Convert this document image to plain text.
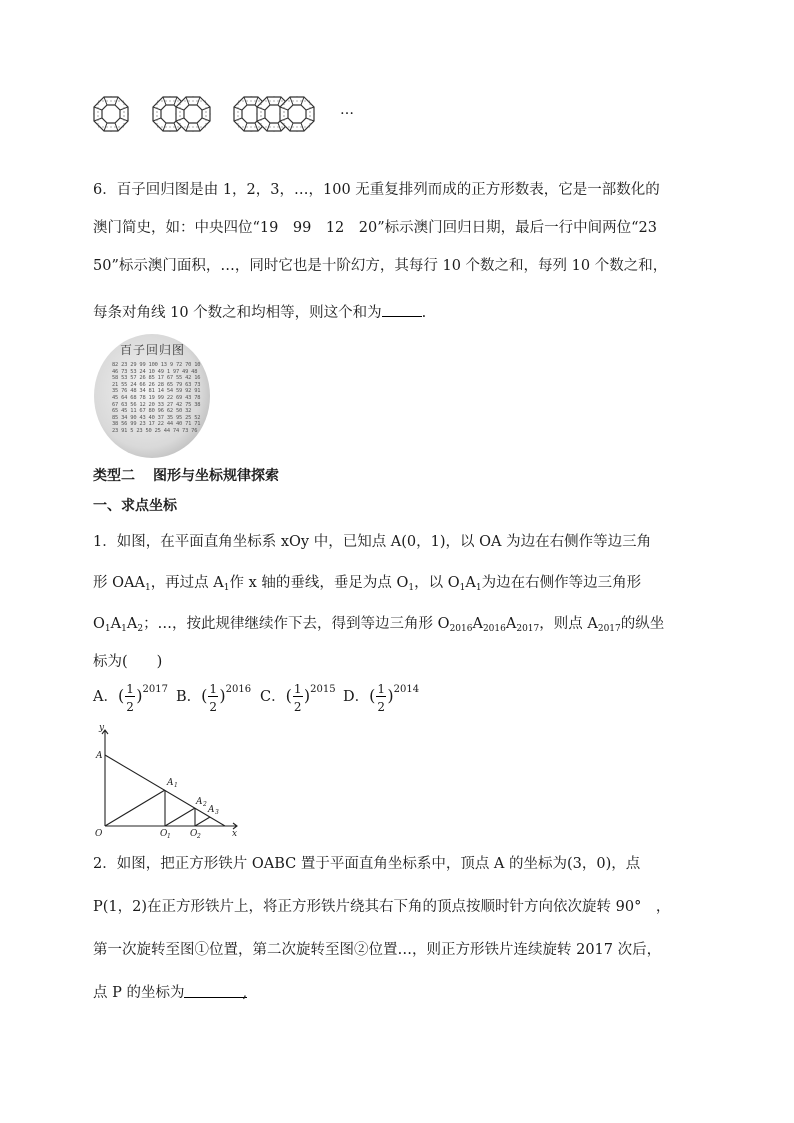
…
6．百子回归图是由 1，2，3，…，100 无重复排列而成的正方形数表，它是一部数化的
澳门简史，如：中央四位“19　99　12　20”标示澳门回归日期，最后一行中间两位“23
50”标示澳门面积，…，同时它也是十阶幻方，其每行 10 个数之和，每列 10 个数之和，
每条对角线 10 个数之和均相等，则这个和为	.
百子回归图
82 23 29 99 100 13 9 72 70 10
46 73 53 24 10 49 1 97 49 48
58 53 57 26 85 17 67 55 42 16
21 55 24 66 26 28 65 79 63 73
35 76 48 34 81 14 54 59 92 91
45 64 68 78 19 99 22 69 43 78
67 63 56 12 20 33 27 42 75 38
65 45 11 67 80 96 62 50 32
85 34 90 43 40 37 35 95 25 52
38 56 99 23 17 22 44 40 71 71
23 91 5 23 50 25 44 74 73 76
类型二 图形与坐标规律探索
一、求点坐标
1．如图，在平面直角坐标系 xOy 中，已知点 A(0，1)，以 OA 为边在右侧作等边三角
形 $OAA_1$，再过点 $A_1$作 x 轴的垂线，垂足为点 $O_1$，以 $O_1A_1$为边在右侧作等边三角形
$O_1A_1A_2$；…，按此规律继续作下去，得到等边三角形 $O_{2016}A_{2016}A_{2017}$，则点 $A_{2017}$的纵坐
标为(　　)
A．( $\frac{1}{2} )^{2017}$ B．( $\frac{1}{2} )^{2016}$ C．( $\frac{1}{2} )^{2015}$ D．( $\frac{1}{2} )^{2014}$
y
x
O
A
A 1
A 2
A 3
O 1 O 2
2．如图，把正方形铁片 OABC 置于平面直角坐标系中，顶点 A 的坐标为(3，0)，点
P(1，2)在正方形铁片上，将正方形铁片绕其右下角的顶点按顺时针方向依次旋转 90°　，
第一次旋转至图①位置，第二次旋转至图②位置…，则正方形铁片连续旋转 2017 次后，
点 P 的坐标为　　　　,
